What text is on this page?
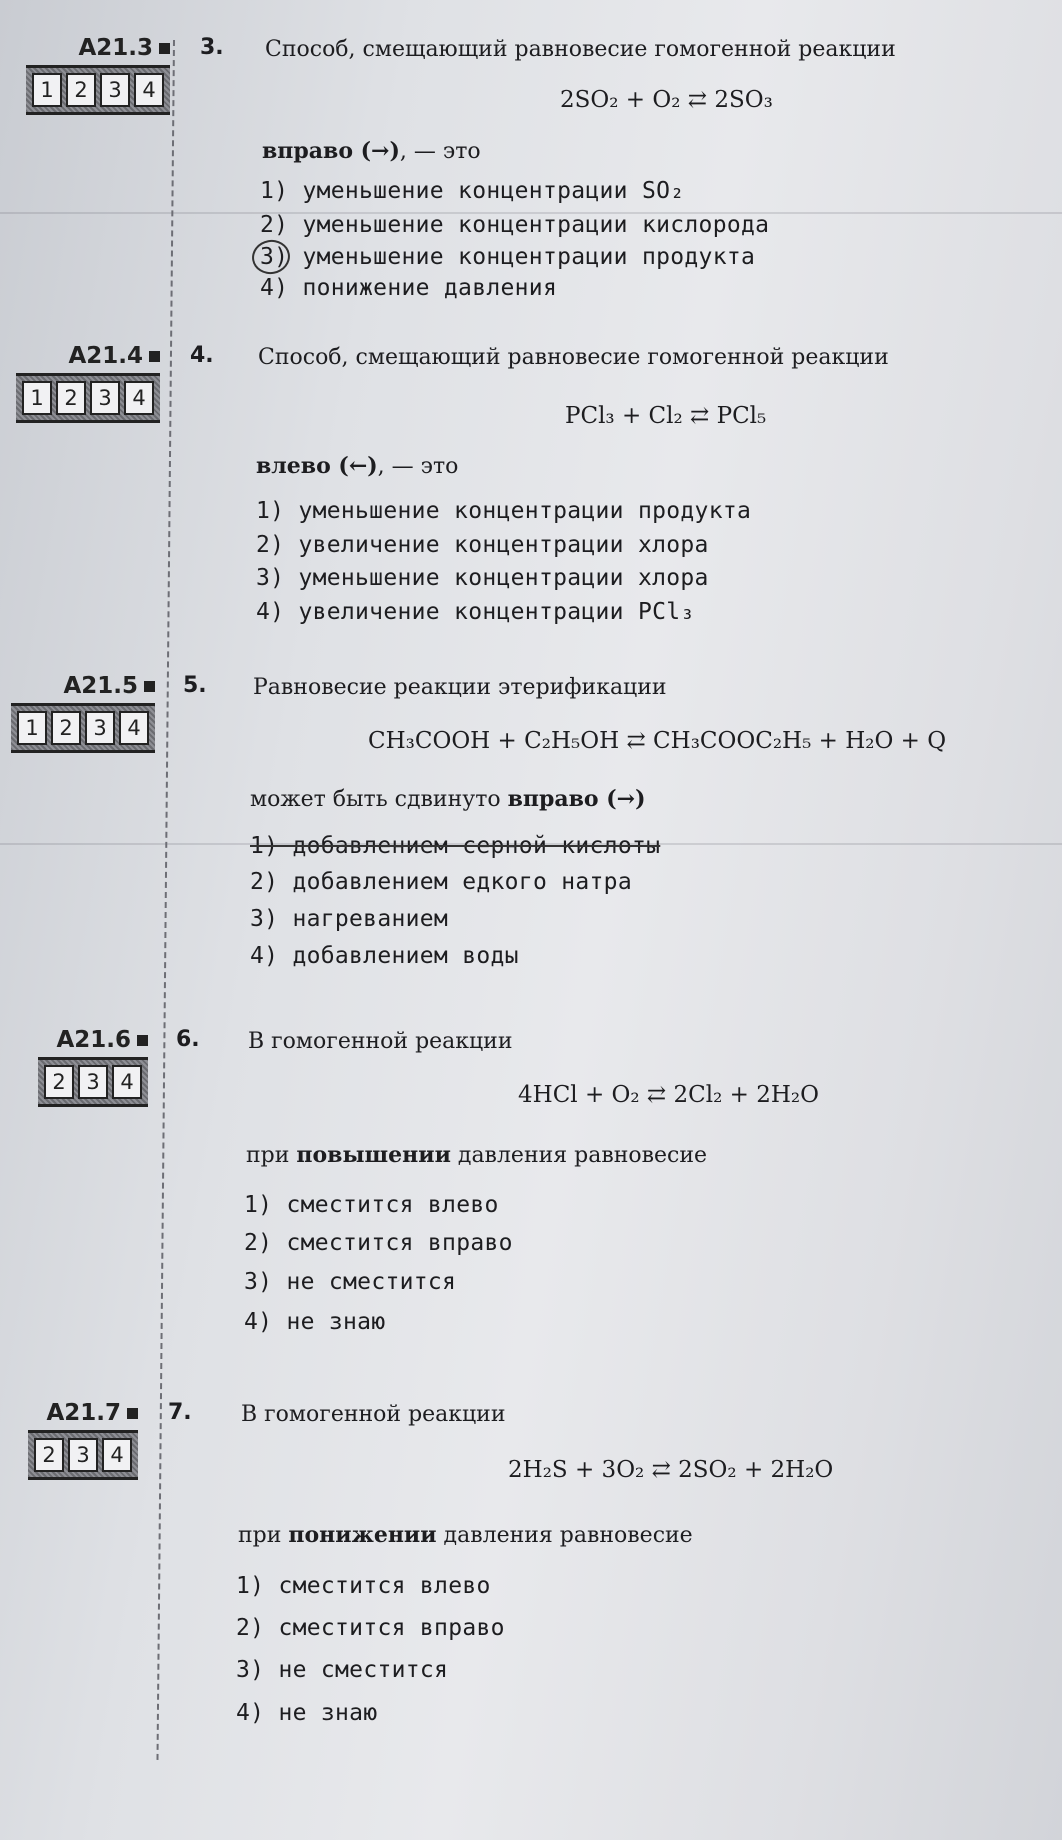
A21.3
1 2 3 4
3. Способ, смещающий равновесие гомогенной реакции
2SO₂ + O₂ ⇄ 2SO₃
вправо (→), — это
1) уменьшение концентрации SO₂
2) уменьшение концентрации кислорода
3) уменьшение концентрации продукта
4) понижение давления
A21.4
1 2 3 4
4. Способ, смещающий равновесие гомогенной реакции
PCl₃ + Cl₂ ⇄ PCl₅
влево (←), — это
1) уменьшение концентрации продукта
2) увеличение концентрации хлора
3) уменьшение концентрации хлора
4) увеличение концентрации PCl₃
A21.5
1 2 3 4
5. Равновесие реакции этерификации
CH₃COOH + C₂H₅OH ⇄ CH₃COOC₂H₅ + H₂O + Q
может быть сдвинуто вправо (→)
1) добавлением серной кислоты
2) добавлением едкого натра
3) нагреванием
4) добавлением воды
A21.6
2 3 4
6. В гомогенной реакции
4HCl + O₂ ⇄ 2Cl₂ + 2H₂O
при повышении давления равновесие
1) сместится влево
2) сместится вправо
3) не сместится
4) не знаю
A21.7
2 3 4
7. В гомогенной реакции
2H₂S + 3O₂ ⇄ 2SO₂ + 2H₂O
при понижении давления равновесие
1) сместится влево
2) сместится вправо
3) не сместится
4) не знаю
